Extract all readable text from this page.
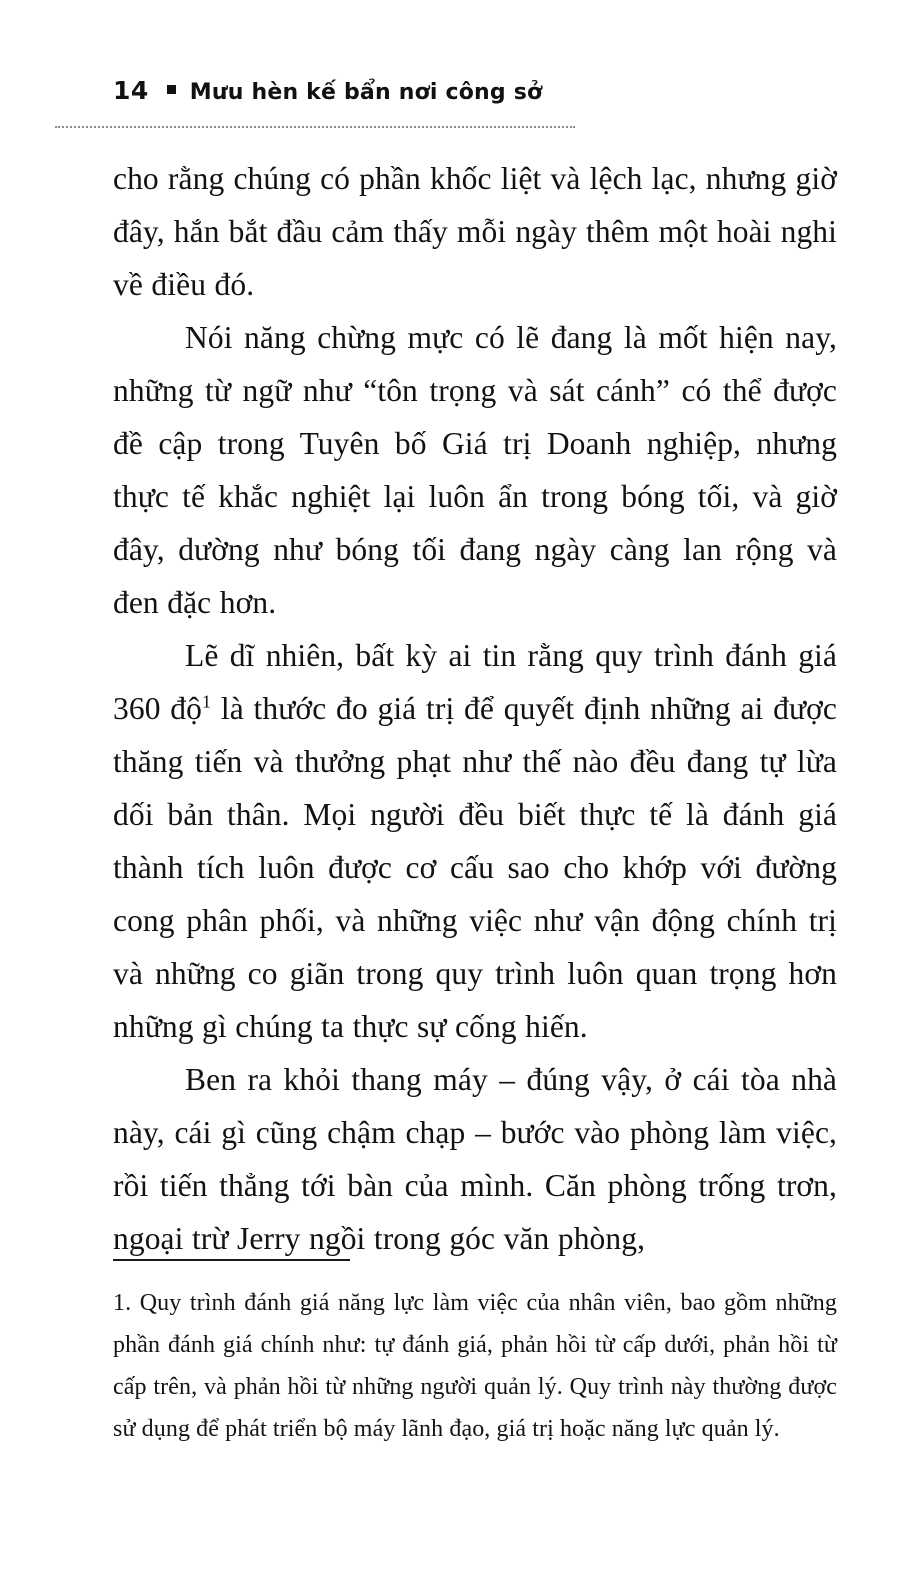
14 Mưu hèn kế bẩn nơi công sở

cho rằng chúng có phần khốc liệt và lệch lạc, nhưng giờ đây, hắn bắt đầu cảm thấy mỗi ngày thêm một hoài nghi về điều đó.

Nói năng chừng mực có lẽ đang là mốt hiện nay, những từ ngữ như “tôn trọng và sát cánh” có thể được đề cập trong Tuyên bố Giá trị Doanh nghiệp, nhưng thực tế khắc nghiệt lại luôn ẩn trong bóng tối, và giờ đây, dường như bóng tối đang ngày càng lan rộng và đen đặc hơn.

Lẽ dĩ nhiên, bất kỳ ai tin rằng quy trình đánh giá 360 độ$^1$ là thước đo giá trị để quyết định những ai được thăng tiến và thưởng phạt như thế nào đều đang tự lừa dối bản thân. Mọi người đều biết thực tế là đánh giá thành tích luôn được cơ cấu sao cho khớp với đường cong phân phối, và những việc như vận động chính trị và những co giãn trong quy trình luôn quan trọng hơn những gì chúng ta thực sự cống hiến.

Ben ra khỏi thang máy – đúng vậy, ở cái tòa nhà này, cái gì cũng chậm chạp – bước vào phòng làm việc, rồi tiến thẳng tới bàn của mình. Căn phòng trống trơn, ngoại trừ Jerry ngồi trong góc văn phòng,

1. Quy trình đánh giá năng lực làm việc của nhân viên, bao gồm những phần đánh giá chính như: tự đánh giá, phản hồi từ cấp dưới, phản hồi từ cấp trên, và phản hồi từ những người quản lý. Quy trình này thường được sử dụng để phát triển bộ máy lãnh đạo, giá trị hoặc năng lực quản lý.
